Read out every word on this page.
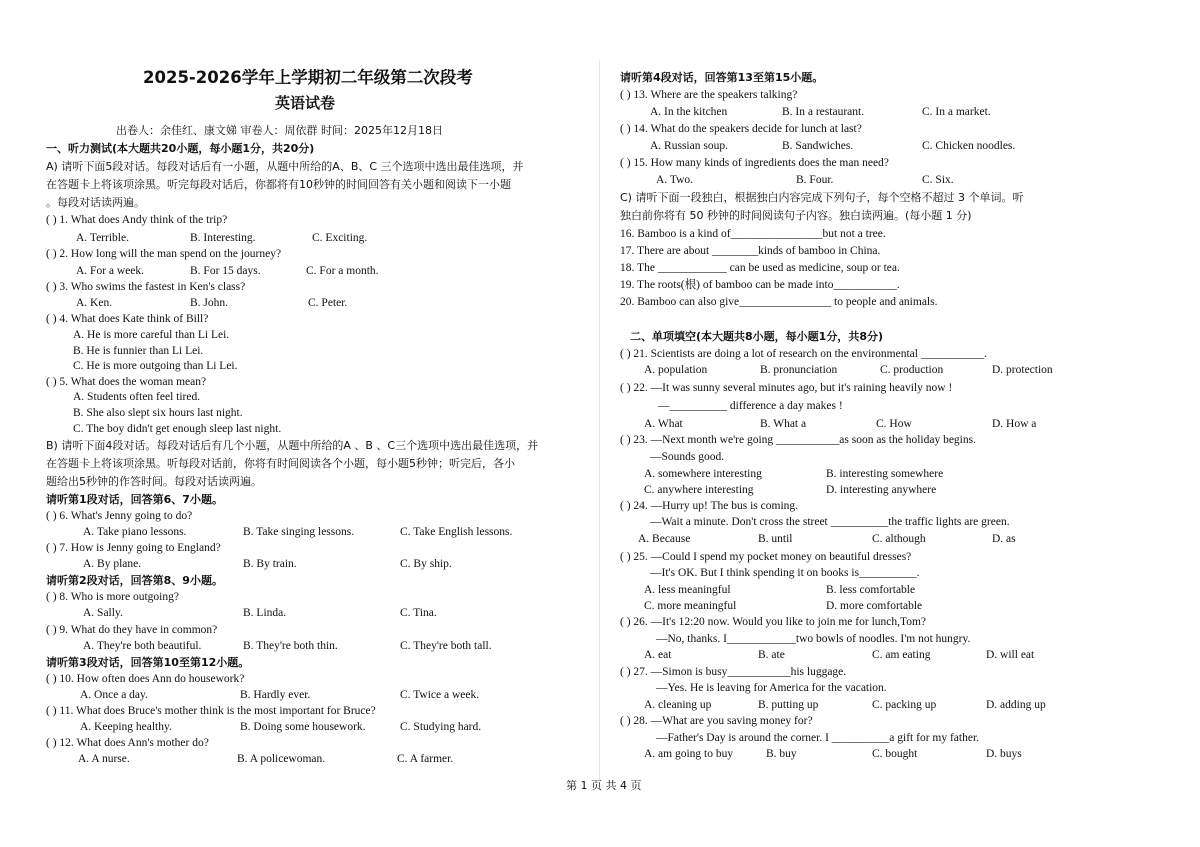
2025-2026学年上学期初二年级第二次段考
英语试卷
出卷人：余佳红、康文娣 审卷人：周依群 时间：2025年12月18日
一、听力测试(本大题共20小题，每小题1分，共20分)
A) 请听下面5段对话。每段对话后有一小题，从题中所给的A、B、C 三个选项中选出最佳选项，并
在答题卡上将该项涂黑。听完每段对话后，你都将有10秒钟的时间回答有关小题和阅读下一小题
。每段对话读两遍。
( ) 1. What does Andy think of the trip?
A. Terrible.	B. Interesting.	C. Exciting.
( ) 2. How long will the man spend on the journey?
A. For a week.	B. For 15 days.	C. For a month.
( ) 3. Who swims the fastest in Ken's class?
A. Ken.	B. John.	C. Peter.
( ) 4. What does Kate think of Bill?
A. He is more careful than Li Lei.
B. He is funnier than Li Lei.
C. He is more outgoing than Li Lei.
( ) 5. What does the woman mean?
A. Students often feel tired.
B. She also slept six hours last night.
C. The boy didn't get enough sleep last night.
B) 请听下面4段对话。每段对话后有几个小题，从题中所给的A 、B 、C三个选项中选出最佳选项，并
在答题卡上将该项涂黑。听每段对话前，你将有时间阅读各个小题，每小题5秒钟；听完后，各小
题给出5秒钟的作答时间。每段对话读两遍。
请听第1段对话，回答第6、7小题。
( ) 6. What's Jenny going to do?
A. Take piano lessons.	B. Take singing lessons.	C. Take English lessons.
( ) 7. How is Jenny going to England?
A. By plane.	B. By train.	C. By ship.
请听第2段对话，回答第8、9小题。
( ) 8. Who is more outgoing?
A. Sally.	B. Linda.	C. Tina.
( ) 9. What do they have in common?
A. They're both beautiful.	B. They're both thin.	C. They're both tall.
请听第3段对话，回答第10至第12小题。
( ) 10. How often does Ann do housework?
A. Once a day.	B. Hardly ever.	C. Twice a week.
( ) 11. What does Bruce's mother think is the most important for Bruce?
A. Keeping healthy.	B. Doing some housework.	C. Studying hard.
( ) 12. What does Ann's mother do?
A. A nurse.	B. A policewoman.	C. A farmer.
请听第4段对话，回答第13至第15小题。
( ) 13. Where are the speakers talking?
A. In the kitchen	B. In a restaurant.	C. In a market.
( ) 14. What do the speakers decide for lunch at last?
A. Russian soup.	B. Sandwiches.	C. Chicken noodles.
( ) 15. How many kinds of ingredients does the man need?
A. Two.	B. Four.	C. Six.
C) 请听下面一段独白，根据独白内容完成下列句子，每个空格不超过 3 个单词。听
独白前你将有 50 秒钟的时间阅读句子内容。独白读两遍。(每小题 1 分)
16. Bamboo is a kind of________________but not a tree.
17. There are about ________kinds of bamboo in China.
18. The ____________ can be used as medicine, soup or tea.
19. The roots(根) of bamboo can be made into___________.
20. Bamboo can also give________________ to people and animals.
二、单项填空(本大题共8小题，每小题1分，共8分)
( ) 21. Scientists are doing a lot of research on the environmental ___________.
A. population	B. pronunciation	C. production	D. protection
( ) 22. —It was sunny several minutes ago, but it's raining heavily now !
—__________ difference a day makes !
A. What	B. What a	C. How	D. How a
( ) 23. —Next month we're going ___________as soon as the holiday begins.
—Sounds good.
A. somewhere interesting	B. interesting somewhere
C. anywhere interesting	D. interesting anywhere
( ) 24. —Hurry up! The bus is coming.
—Wait a minute. Don't cross the street __________the traffic lights are green.
A. Because	B. until	C. although	D. as
( ) 25. —Could I spend my pocket money on beautiful dresses?
—It's OK. But I think spending it on books is__________.
A. less meaningful	B. less comfortable
C. more meaningful	D. more comfortable
( ) 26. —It's 12:20 now. Would you like to join me for lunch,Tom?
—No, thanks. I____________two bowls of noodles. I'm not hungry.
A. eat	B. ate	C. am eating	D. will eat
( ) 27. —Simon is busy___________his luggage.
—Yes. He is leaving for America for the vacation.
A. cleaning up	B. putting up	C. packing up	D. adding up
( ) 28. —What are you saving money for?
—Father's Day is around the corner. I __________a gift for my father.
A. am going to buy	B. buy	C. bought	D. buys
第 1 页 共 4 页
